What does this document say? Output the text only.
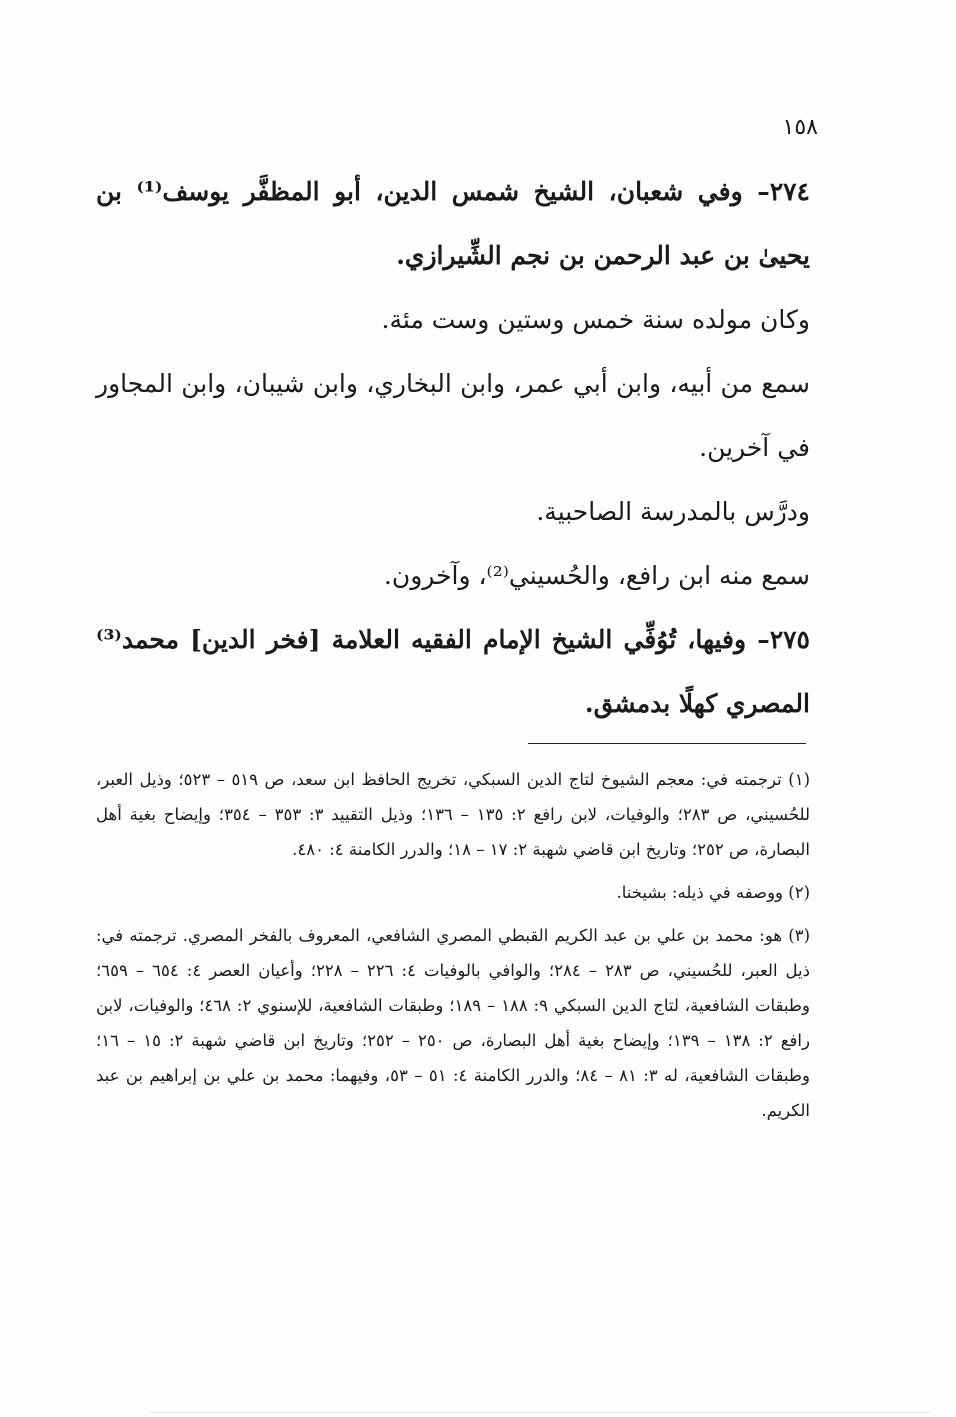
١٥٨

٢٧٤– وفي شعبان، الشيخ شمس الدين، أبو المظفَّر يوسف⁽¹⁾ بن يحيىٰ بن عبد الرحمن بن نجم الشِّيرازي.

وكان مولده سنة خمس وستين وست مئة.

سمع من أبيه، وابن أبي عمر، وابن البخاري، وابن شيبان، وابن المجاور في آخرين.

ودرَّس بالمدرسة الصاحبية.

سمع منه ابن رافع، والحُسيني⁽²⁾، وآخرون.

٢٧٥– وفيها، تُوُفِّي الشيخ الإمام الفقيه العلامة [فخر الدين] محمد⁽³⁾ المصري كهلًا بدمشق.

(١) ترجمته في: معجم الشيوخ لتاج الدين السبكي، تخريج الحافظ ابن سعد، ص ٥١٩ – ٥٢٣؛ وذيل العبر، للحُسيني، ص ٢٨٣؛ والوفيات، لابن رافع ٢: ١٣٥ – ١٣٦؛ وذيل التقييد ٣: ٣٥٣ – ٣٥٤؛ وإيضاح بغية أهل البصارة، ص ٢٥٢؛ وتاريخ ابن قاضي شهبة ٢: ١٧ – ١٨؛ والدرر الكامنة ٤: ٤٨٠.

(٢) ووصفه في ذيله: بشيخنا.

(٣) هو: محمد بن علي بن عبد الكريم القبطي المصري الشافعي، المعروف بالفخر المصري. ترجمته في: ذيل العبر، للحُسيني، ص ٢٨٣ – ٢٨٤؛ والوافي بالوفيات ٤: ٢٢٦ – ٢٢٨؛ وأعيان العصر ٤: ٦٥٤ – ٦٥٩؛ وطبقات الشافعية، لتاج الدين السبكي ٩: ١٨٨ – ١٨٩؛ وطبقات الشافعية، للإسنوي ٢: ٤٦٨؛ والوفيات، لابن رافع ٢: ١٣٨ – ١٣٩؛ وإيضاح بغية أهل البصارة، ص ٢٥٠ – ٢٥٢؛ وتاريخ ابن قاضي شهبة ٢: ١٥ – ١٦؛ وطبقات الشافعية، له ٣: ٨١ – ٨٤؛ والدرر الكامنة ٤: ٥١ – ٥٣، وفيهما: محمد بن علي بن إبراهيم بن عبد الكريم.
